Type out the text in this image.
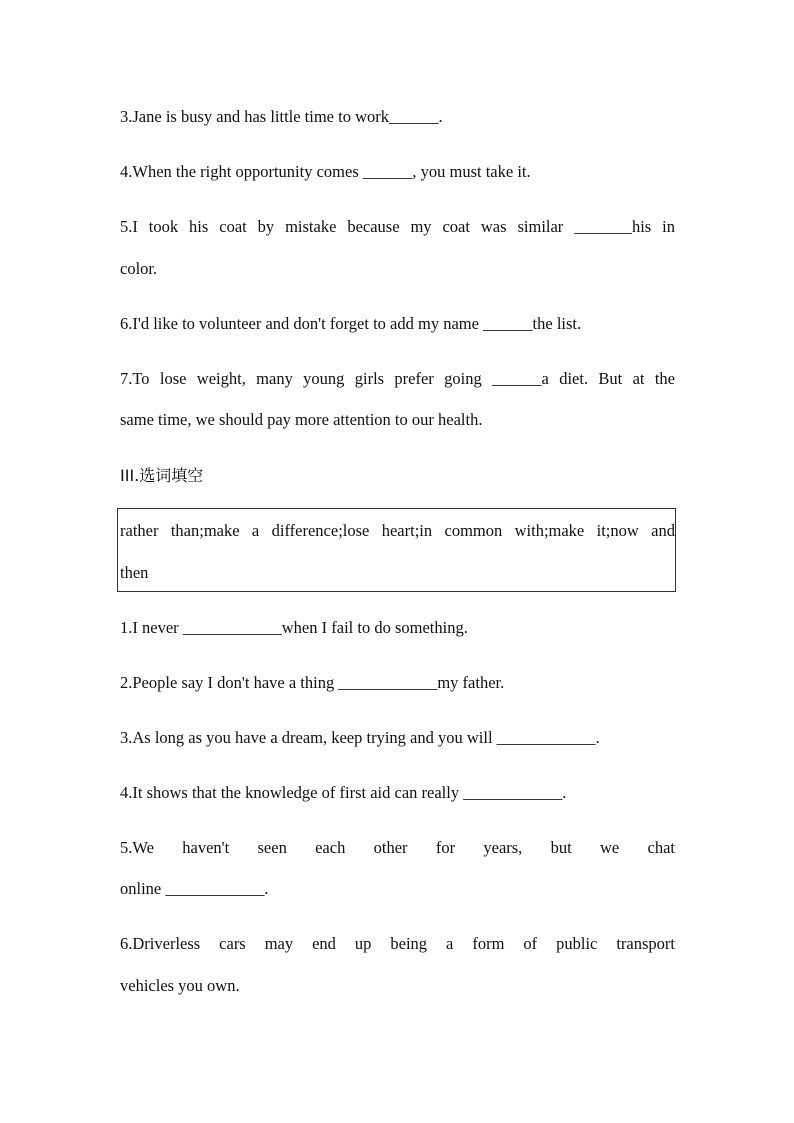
3.Jane is busy and has little time to work______.
4.When the right opportunity comes ______, you must take it.
5.I took his coat by mistake because my coat was similar _______his in
color.
6.I'd like to volunteer and don't forget to add my name ______the list.
7.To lose weight, many young girls prefer going ______a diet. But at the
same time, we should pay more attention to our health.
III.选词填空
rather than;make a difference;lose heart;in common with;make it;now and
then
1.I never ____________when I fail to do something.
2.People say I don't have a thing ____________my father.
3.As long as you have a dream, keep trying and you will ____________.
4.It shows that the knowledge of first aid can really ____________.
5.We haven't seen each other for years, but we chat
online ____________.
6.Driverless cars may end up being a form of public transport
vehicles you own.
